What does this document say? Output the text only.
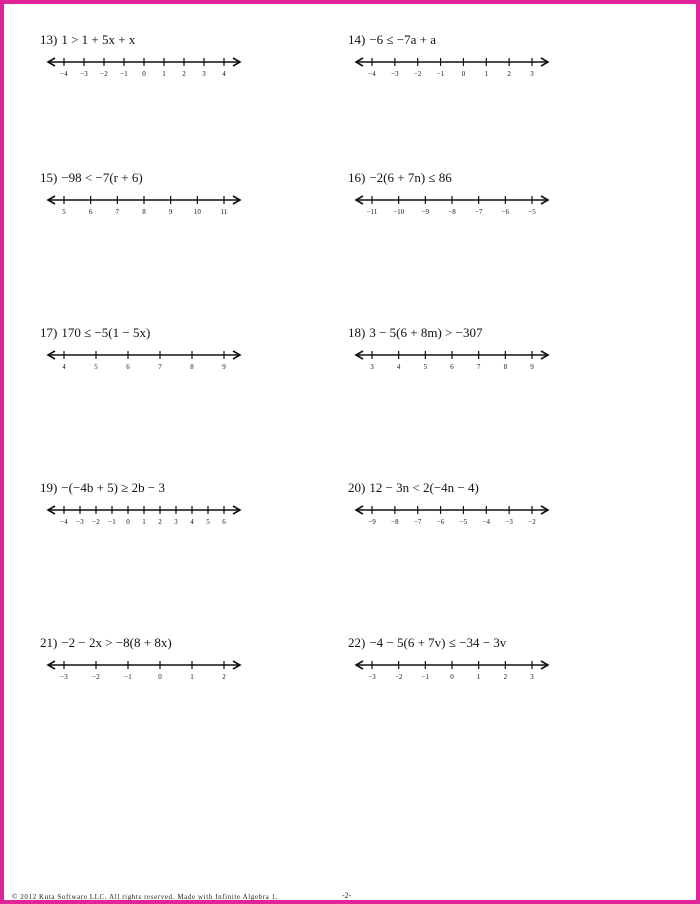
13) 1 > 1 + 5x + x
−4 −3 −2 −1 0 1 2 3 4
14) −6 ≤ −7a + a
−4 −3 −2 −1 0	1	2	3
15) −98 < −7(r + 6)
5	6	7	8	9	10	11
16) −2(6 + 7n) ≤ 86
−11 −10 −9	−8	−7	−6	−5
17) 170 ≤ −5(1 − 5x)
4	5	6	7	8	9
18) 3 − 5(6 + 8m) > −307
3	4	5	6	7	8	9
19) −(−4b + 5) ≥ 2b − 3
−4 −3 −2 −1 0 1 2 3 4 5 6
20) 12 − 3n < 2(−4n − 4)
−9 −8 −7 −6 −5 −4 −3 −2
21) −2 − 2x > −8(8 + 8x)
−3	−2	−1	0	1	2
22) −4 − 5(6 + 7v) ≤ −34 − 3v
−3	−2	−1	0	1	2	3
© 2012 Kuta Software LLC. All rights reserved. Made with Infinite Algebra 1.	-2-
